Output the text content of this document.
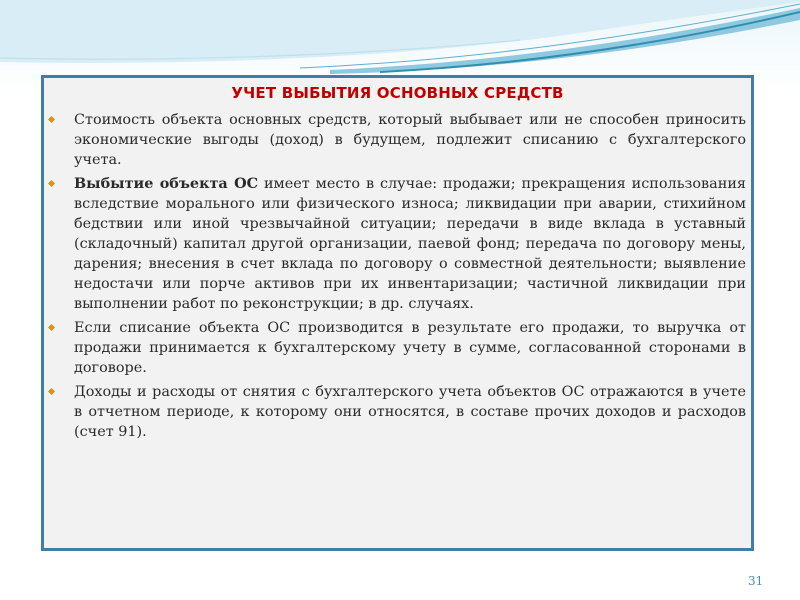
УЧЕТ ВЫБЫТИЯ ОСНОВНЫХ СРЕДСТВ
Стоимость объекта основных средств, который выбывает или не способен приносить экономические выгоды (доход) в будущем, подлежит списанию с бухгалтерского учета.
Выбытие объекта ОС имеет место в случае: продажи; прекращения использования вследствие морального или физического износа; ликвидации при аварии, стихийном бедствии или иной чрезвычайной ситуации; передачи в виде вклада в уставный (складочный) капитал другой организации, паевой фонд; передача по договору мены, дарения; внесения в счет вклада по договору о совместной деятельности; выявление недостачи или порче активов при их инвентаризации; частичной ликвидации при выполнении работ по реконструкции; в др. случаях.
Если списание объекта ОС производится в результате его продажи, то выручка от продажи принимается к бухгалтерскому учету в сумме, согласованной сторонами в договоре.
Доходы и расходы от снятия с бухгалтерского учета объектов ОС отражаются в учете в отчетном периоде, к которому они относятся, в составе прочих доходов и расходов (счет 91).
31
